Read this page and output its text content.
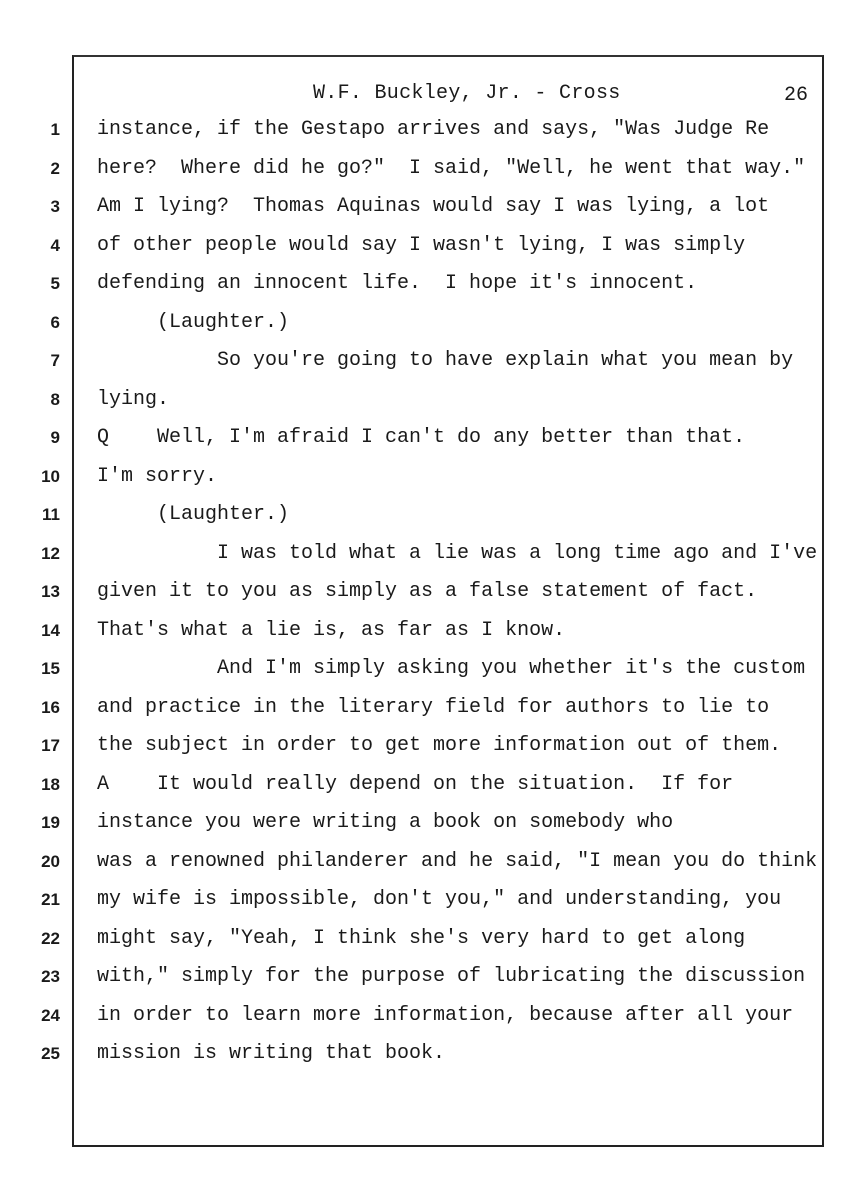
W.F. Buckley, Jr. - Cross	26
1 instance, if the Gestapo arrives and says, "Was Judge Re
2 here?  Where did he go?"  I said, "Well, he went that way."
3 Am I lying?  Thomas Aquinas would say I was lying, a lot
4 of other people would say I wasn't lying, I was simply
5 defending an innocent life.  I hope it's innocent.
6 (Laughter.)
7 So you're going to have explain what you mean by
8 lying.
9 Q    Well, I'm afraid I can't do any better than that.
10 I'm sorry.
11 (Laughter.)
12 I was told what a lie was a long time ago and I've
13 given it to you as simply as a false statement of fact.
14 That's what a lie is, as far as I know.
15 And I'm simply asking you whether it's the custom
16 and practice in the literary field for authors to lie to
17 the subject in order to get more information out of them.
18 A    It would really depend on the situation.  If for
19 instance you were writing a book on somebody who
20 was a renowned philanderer and he said, "I mean you do think
21 my wife is impossible, don't you," and understanding, you
22 might say, "Yeah, I think she's very hard to get along
23 with," simply for the purpose of lubricating the discussion
24 in order to learn more information, because after all your
25 mission is writing that book.
